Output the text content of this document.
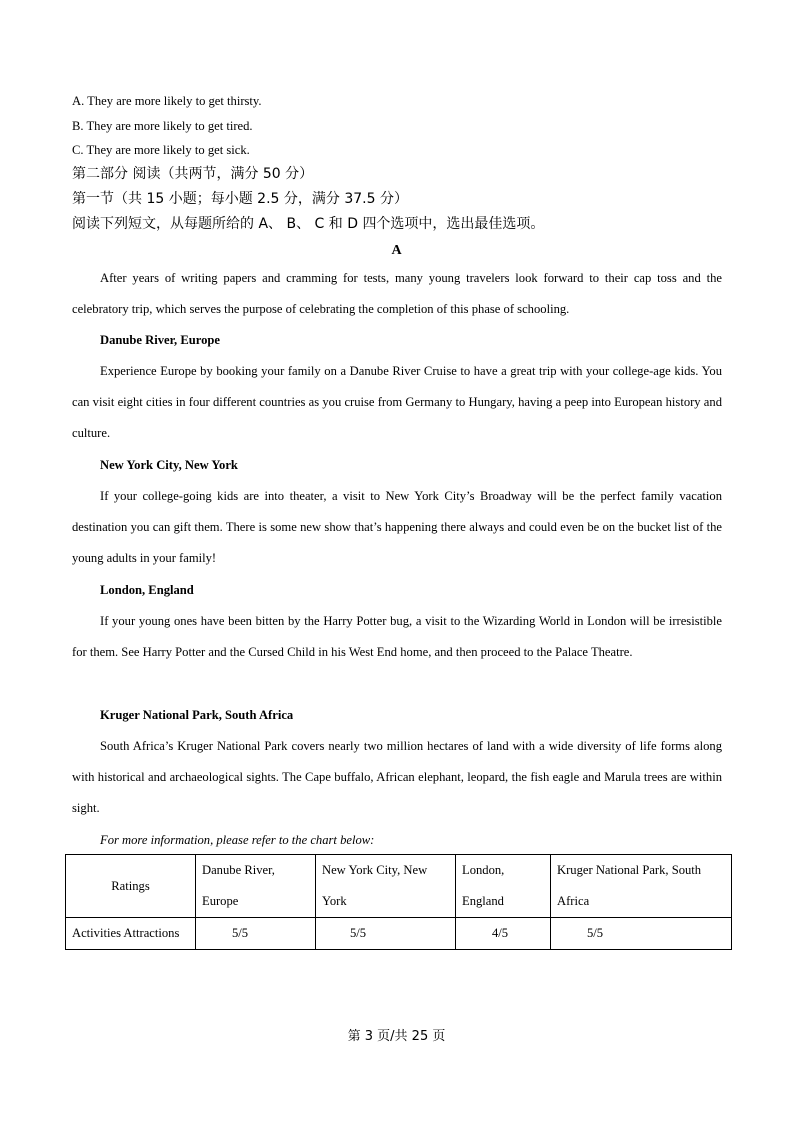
A. They are more likely to get thirsty.
B. They are more likely to get tired.
C. They are more likely to get sick.
第二部分 阅读（共两节，满分 50 分）
第一节（共 15 小题；每小题 2.5 分，满分 37.5 分）
阅读下列短文，从每题所给的 A、 B、 C 和 D 四个选项中，选出最佳选项。
A

After years of writing papers and cramming for tests, many young travelers look forward to their cap toss and the celebratory trip, which serves the purpose of celebrating the completion of this phase of schooling.

Danube River, Europe

Experience Europe by booking your family on a Danube River Cruise to have a great trip with your college-age kids. You can visit eight cities in four different countries as you cruise from Germany to Hungary, having a peep into European history and culture.

New York City, New York

If your college-going kids are into theater, a visit to New York City’s Broadway will be the perfect family vacation destination you can gift them. There is some new show that’s happening there always and could even be on the bucket list of the young adults in your family!

London, England

If your young ones have been bitten by the Harry Potter bug, a visit to the Wizarding World in London will be irresistible for them. See Harry Potter and the Cursed Child in his West End home, and then proceed to the Palace Theatre.

Kruger National Park, South Africa

South Africa’s Kruger National Park covers nearly two million hectares of land with a wide diversity of life forms along with historical and archaeological sights. The Cape buffalo, African elephant, leopard, the fish eagle and Marula trees are within sight.

For more information, please refer to the chart below:
Ratings	Danube River, Europe	New York City, New York	London, England	Kruger National Park, South Africa
Activities Attractions	5/5	5/5	4/5	5/5
第 3 页/共 25 页
